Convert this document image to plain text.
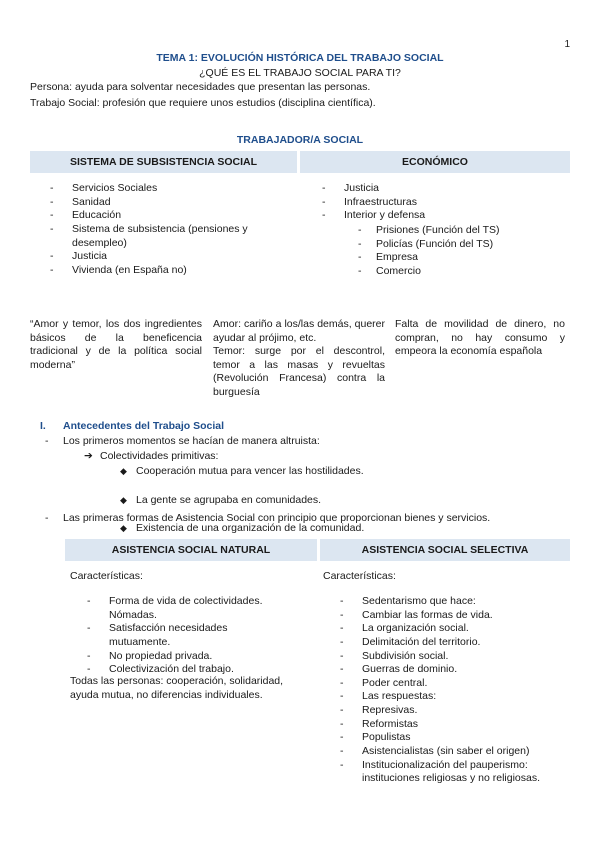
1
TEMA 1: EVOLUCIÓN HISTÓRICA DEL TRABAJO SOCIAL
¿QUÉ ES EL TRABAJO SOCIAL PARA TI?
Persona: ayuda para solventar necesidades que presentan las personas.
Trabajo Social: profesión que requiere unos estudios (disciplina científica).
TRABAJADOR/A SOCIAL
SISTEMA DE SUBSISTENCIA SOCIAL	ECONÓMICO
- Servicios Sociales
- Sanidad
- Educación
- Sistema de subsistencia (pensiones y desempleo)
- Justicia
- Vivienda (en España no)
- Justicia
- Infraestructuras
- Interior y defensa
- Prisiones (Función del TS)
- Policías (Función del TS)
- Empresa
- Comercio
“Amor y temor, los dos ingredientes básicos de la beneficencia tradicional y de la política social moderna”
Amor: cariño a los/las demás, querer ayudar al prójimo, etc.
Temor: surge por el descontrol, temor a las masas y revueltas (Revolución Francesa) contra la burguesía
Falta de movilidad de dinero, no compran, no hay consumo y empeora la economía española
I. Antecedentes del Trabajo Social
- Los primeros momentos se hacían de manera altruista:
➔ Colectividades primitivas:
◆ Cooperación mutua para vencer las hostilidades.
◆ La gente se agrupaba en comunidades.
◆ Existencia de una organización de la comunidad.
- Las primeras formas de Asistencia Social con principio que proporcionan bienes y servicios.
ASISTENCIA SOCIAL NATURAL	ASISTENCIA SOCIAL SELECTIVA
Características:
- Forma de vida de colectividades. Nómadas.
- Satisfacción necesidades mutuamente.
- No propiedad privada.
- Colectivización del trabajo.
Todas las personas: cooperación, solidaridad, ayuda mutua, no diferencias individuales.
Características:
- Sedentarismo que hace:
- Cambiar las formas de vida.
- La organización social.
- Delimitación del territorio.
- Subdivisión social.
- Guerras de dominio.
- Poder central.
- Las respuestas:
- Represivas.
- Reformistas
- Populistas
- Asistencialistas (sin saber el origen)
- Institucionalización del pauperismo: instituciones religiosas y no religiosas.
